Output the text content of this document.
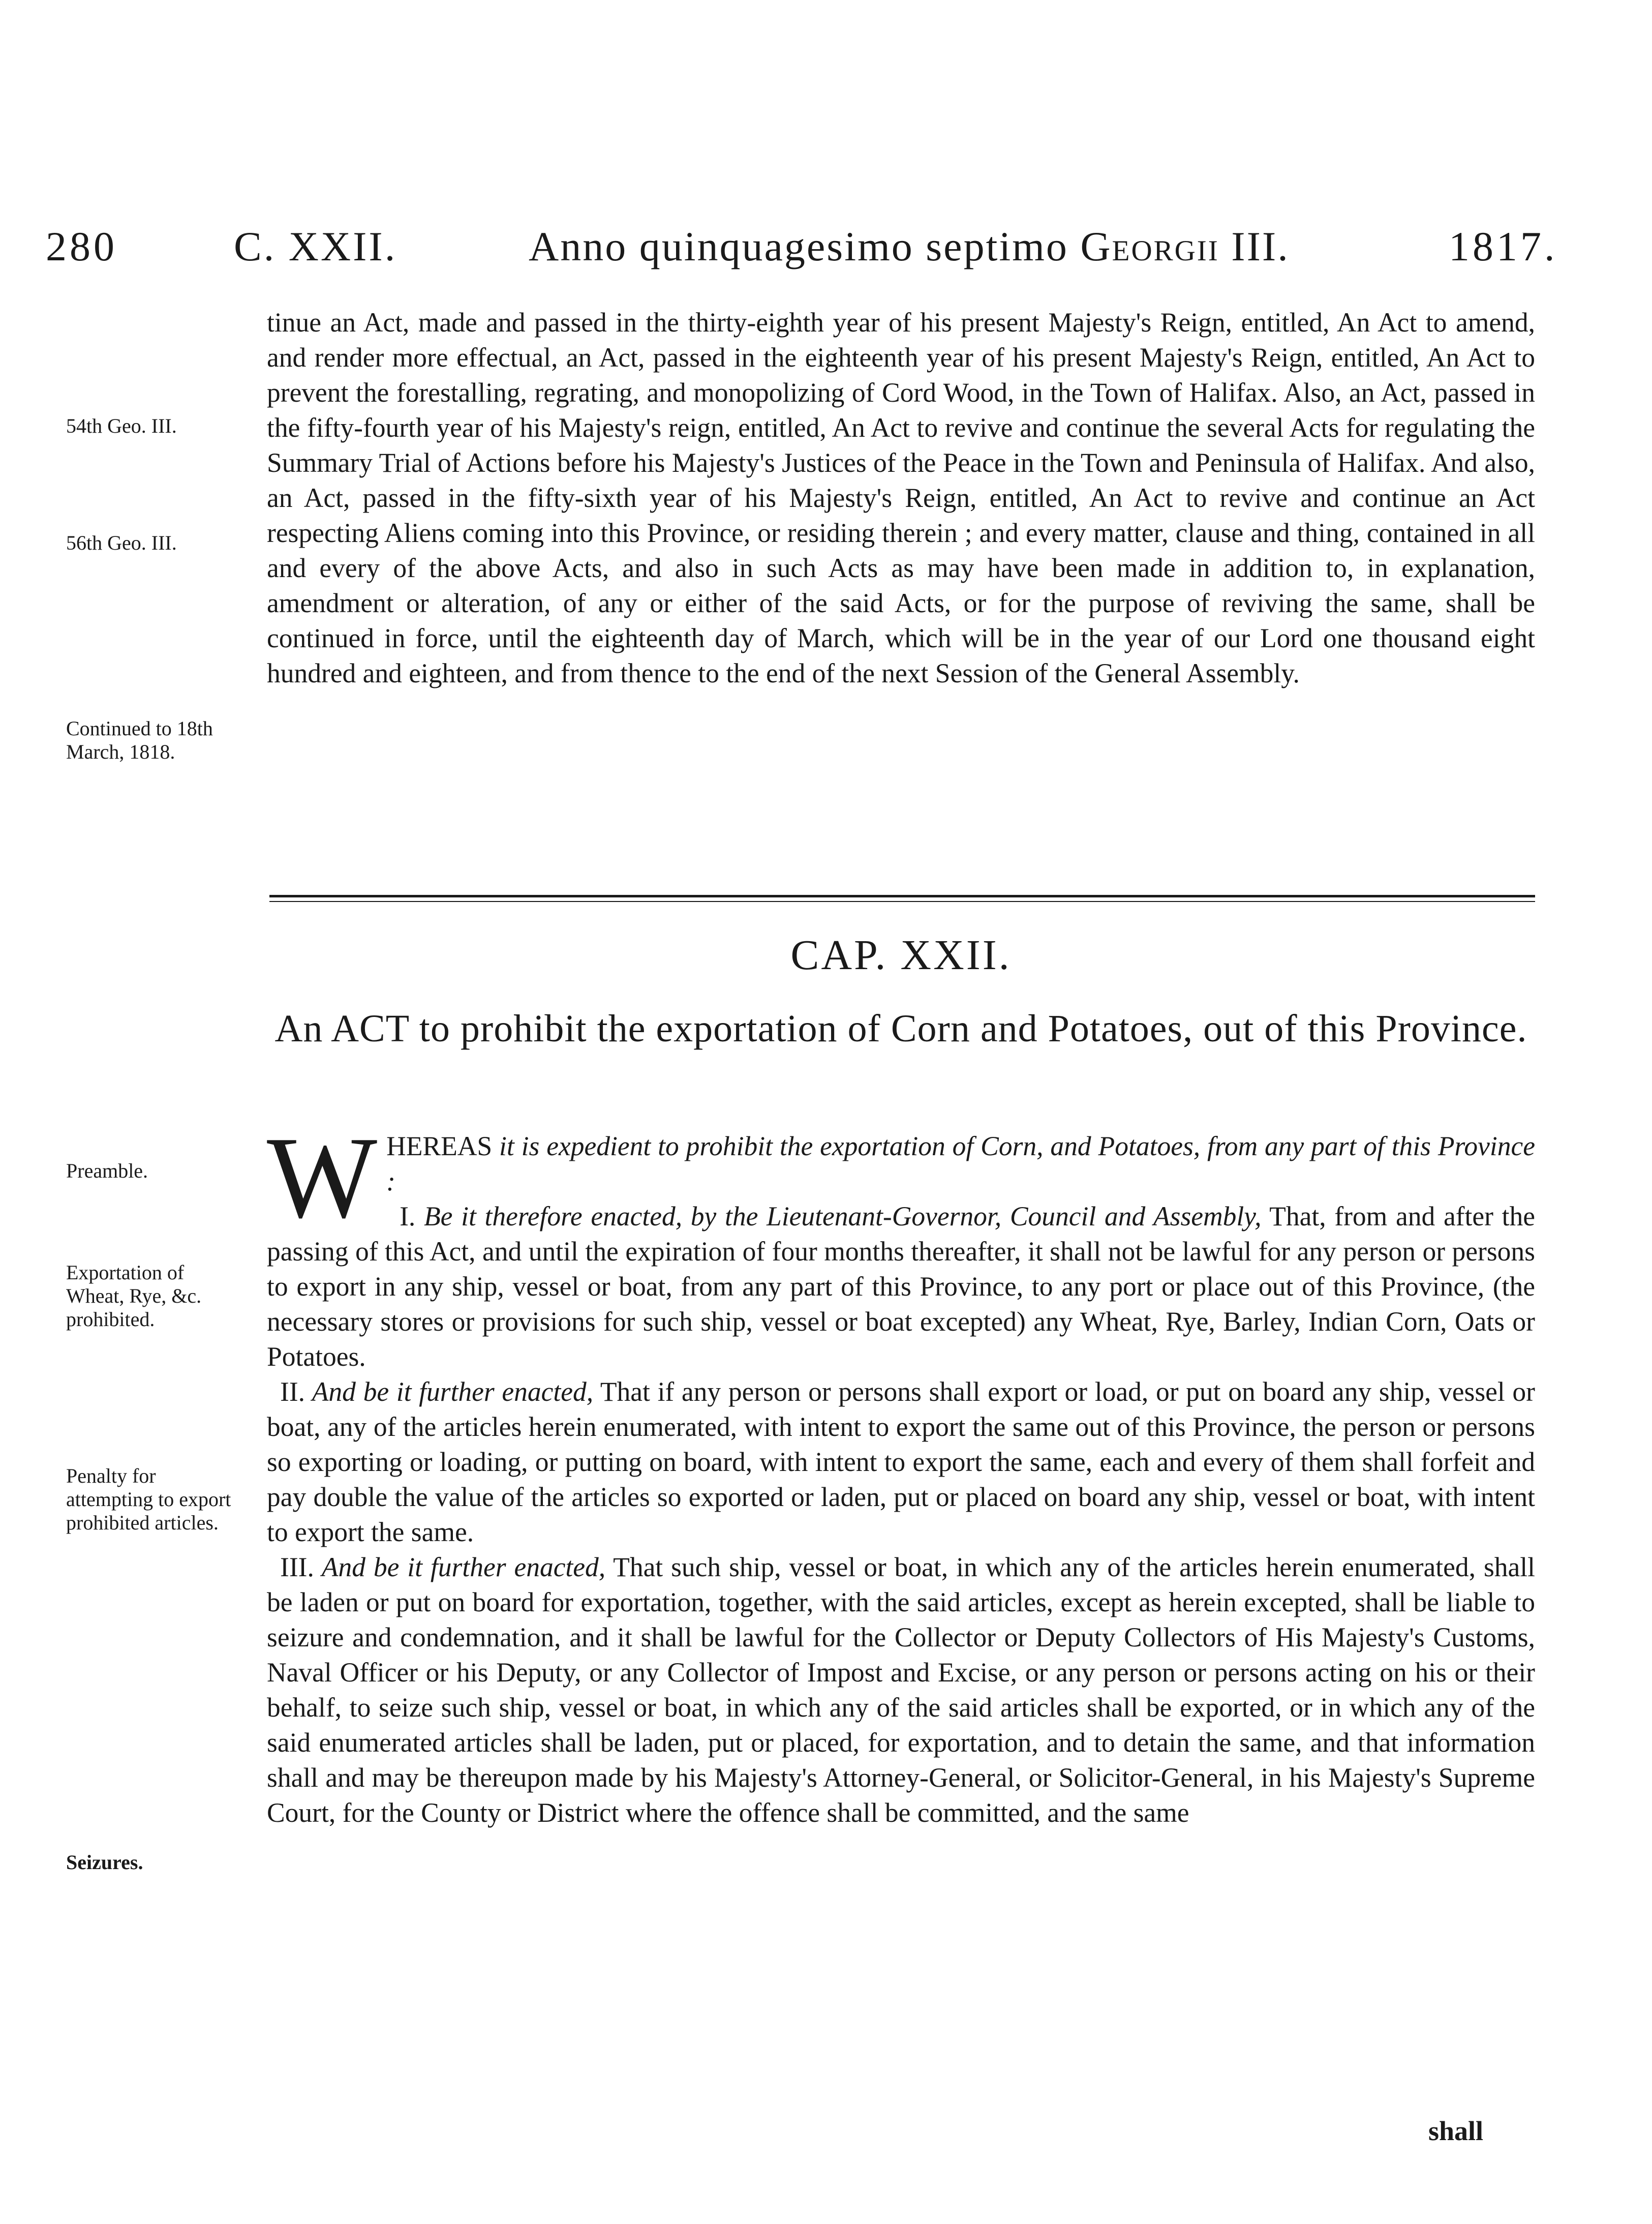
280	C. XXII.	Anno quinquagesimo septimo Georgii III.	1817.
tinue an Act, made and passed in the thirty-eighth year of his present Majesty's Reign, entitled, An Act to amend, and render more effectual, an Act, passed in the eighteenth year of his present Majesty's Reign, entitled, An Act to prevent the forestalling, regrating, and monopolizing of Cord Wood, in the Town of Halifax. Also, an Act, passed in the fifty-fourth year of his Majesty's reign, entitled, An Act to revive and continue the several Acts for regulating the Summary Trial of Actions before his Majesty's Justices of the Peace in the Town and Peninsula of Halifax. And also, an Act, passed in the fifty-sixth year of his Majesty's Reign, entitled, An Act to revive and continue an Act respecting Aliens coming into this Province, or residing therein ; and every matter, clause and thing, contained in all and every of the above Acts, and also in such Acts as may have been made in addition to, in explanation, amendment or alteration, of any or either of the said Acts, or for the purpose of reviving the same, shall be continued in force, until the eighteenth day of March, which will be in the year of our Lord one thousand eight hundred and eighteen, and from thence to the end of the next Session of the General Assembly.
54th Geo. III.
56th Geo. III.
Continued to 18th March, 1818.
Preamble.
Exportation of Wheat, Rye, &c. prohibited.
Penalty for attempting to export prohibited articles.
Seizures.
CAP. XXII.
An ACT to prohibit the exportation of Corn and Potatoes, out of this Province.

WHEREAS it is expedient to prohibit the exportation of Corn, and Potatoes, from any part of this Province :

I. Be it therefore enacted, by the Lieutenant-Governor, Council and Assembly, That, from and after the passing of this Act, and until the expiration of four months thereafter, it shall not be lawful for any person or persons to export in any ship, vessel or boat, from any part of this Province, to any port or place out of this Province, (the necessary stores or provisions for such ship, vessel or boat excepted) any Wheat, Rye, Barley, Indian Corn, Oats or Potatoes.

II. And be it further enacted, That if any person or persons shall export or load, or put on board any ship, vessel or boat, any of the articles herein enumerated, with intent to export the same out of this Province, the person or persons so exporting or loading, or putting on board, with intent to export the same, each and every of them shall forfeit and pay double the value of the articles so exported or laden, put or placed on board any ship, vessel or boat, with intent to export the same.

III. And be it further enacted, That such ship, vessel or boat, in which any of the articles herein enumerated, shall be laden or put on board for exportation, together, with the said articles, except as herein excepted, shall be liable to seizure and condemnation, and it shall be lawful for the Collector or Deputy Collectors of His Majesty's Customs, Naval Officer or his Deputy, or any Collector of Impost and Excise, or any person or persons acting on his or their behalf, to seize such ship, vessel or boat, in which any of the said articles shall be exported, or in which any of the said enumerated articles shall be laden, put or placed, for exportation, and to detain the same, and that information shall and may be thereupon made by his Majesty's Attorney-General, or Solicitor-General, in his Majesty's Supreme Court, for the County or District where the offence shall be committed, and the same

shall
